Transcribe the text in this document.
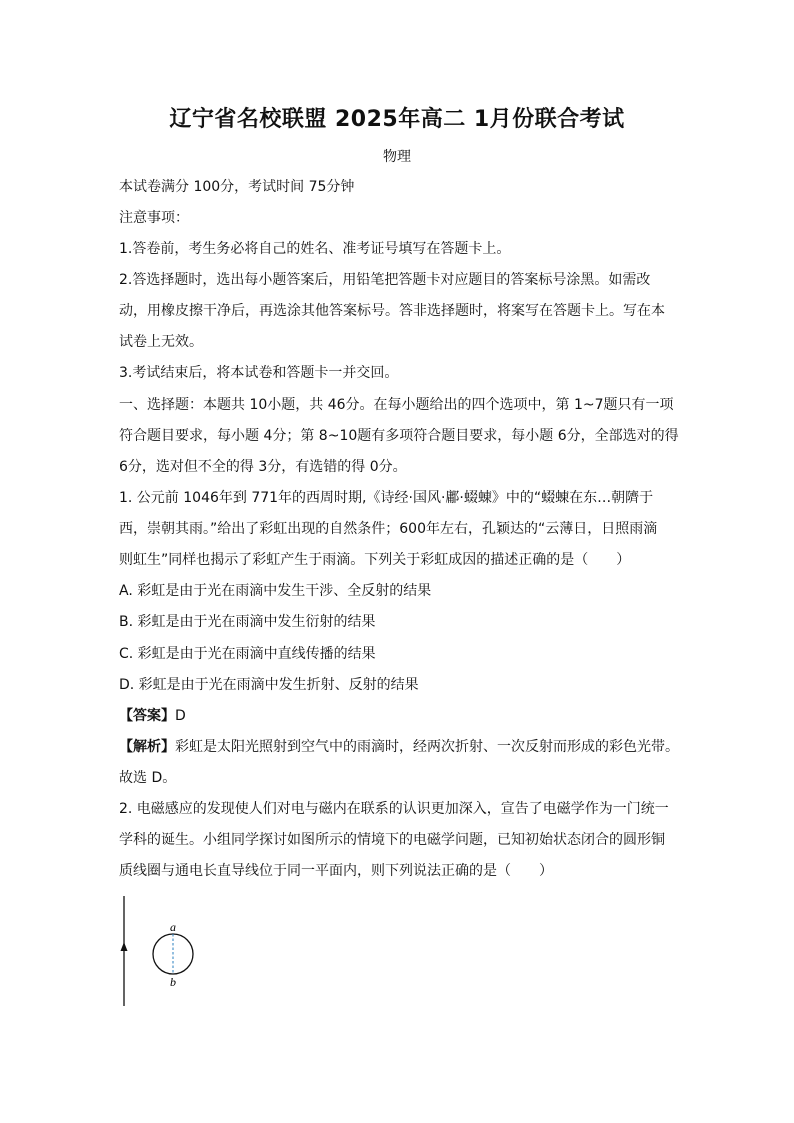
辽宁省名校联盟 2025年高二 1月份联合考试
物理
本试卷满分 100分，考试时间 75分钟
注意事项：
1.答卷前，考生务必将自己的姓名、准考证号填写在答题卡上。
2.答选择题时，选出每小题答案后，用铅笔把答题卡对应题目的答案标号涂黑。如需改
动，用橡皮擦干净后，再选涂其他答案标号。答非选择题时，将案写在答题卡上。写在本
试卷上无效。
3.考试结束后，将本试卷和答题卡一并交回。
一、选择题：本题共 10小题，共 46分。在每小题给出的四个选项中，第 1~7题只有一项
符合题目要求，每小题 4分；第 8~10题有多项符合题目要求，每小题 6分，全部选对的得
6分，选对但不全的得 3分，有选错的得 0分。
1. 公元前 1046年到 771年的西周时期,《诗经·国风·鄘·蝃蝀》中的“蝃蝀在东…朝隮于
西，崇朝其雨。”给出了彩虹出现的自然条件；600年左右，孔颖达的“云薄日，日照雨滴
则虹生”同样也揭示了彩虹产生于雨滴。下列关于彩虹成因的描述正确的是（　　）
A. 彩虹是由于光在雨滴中发生干涉、全反射的结果
B. 彩虹是由于光在雨滴中发生衍射的结果
C. 彩虹是由于光在雨滴中直线传播的结果
D. 彩虹是由于光在雨滴中发生折射、反射的结果
【答案】D
【解析】彩虹是太阳光照射到空气中的雨滴时，经两次折射、一次反射而形成的彩色光带。
故选 D。
2. 电磁感应的发现使人们对电与磁内在联系的认识更加深入，宣告了电磁学作为一门统一
学科的诞生。小组同学探讨如图所示的情境下的电磁学问题，已知初始状态闭合的圆形铜
质线圈与通电长直导线位于同一平面内，则下列说法正确的是（　　）
a
b
